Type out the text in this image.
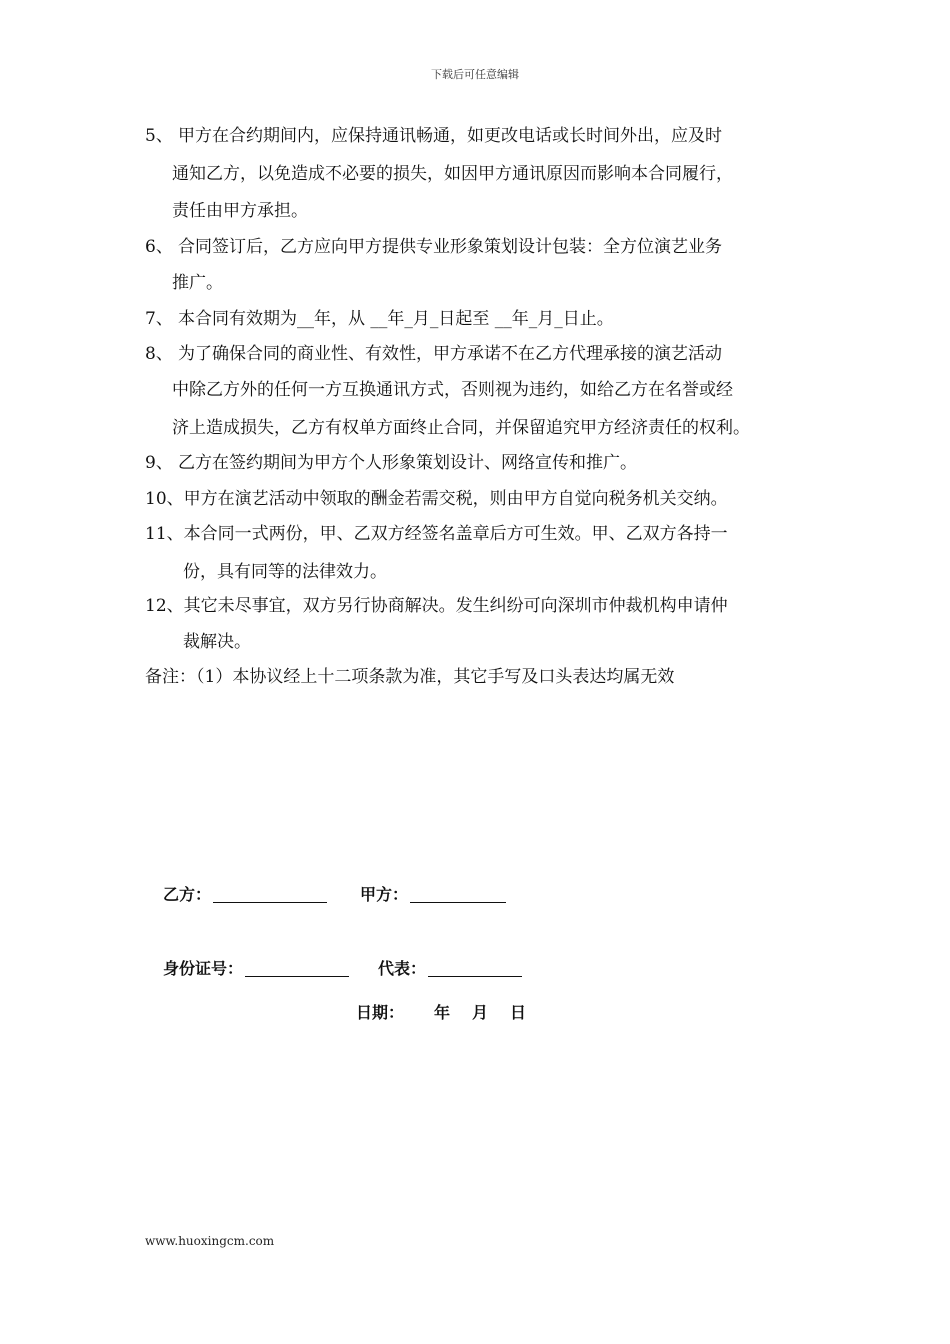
下载后可任意编辑
5、 甲方在合约期间内，应保持通讯畅通，如更改电话或长时间外出，应及时
通知乙方，以免造成不必要的损失，如因甲方通讯原因而影响本合同履行，
责任由甲方承担。
6、 合同签订后，乙方应向甲方提供专业形象策划设计包装：全方位演艺业务
推广。
7、 本合同有效期为__年，从 __年_月_日起至 __年_月_日止。
8、 为了确保合同的商业性、有效性，甲方承诺不在乙方代理承接的演艺活动
中除乙方外的任何一方互换通讯方式，否则视为违约，如给乙方在名誉或经
济上造成损失，乙方有权单方面终止合同，并保留追究甲方经济责任的权利。
9、 乙方在签约期间为甲方个人形象策划设计、网络宣传和推广。
10、甲方在演艺活动中领取的酬金若需交税，则由甲方自觉向税务机关交纳。
11、本合同一式两份，甲、乙双方经签名盖章后方可生效。甲、乙双方各持一
份，具有同等的法律效力。
12、其它未尽事宜，双方另行协商解决。发生纠纷可向深圳市仲裁机构申请仲
裁解决。
备注：（1）本协议经上十二项条款为准，其它手写及口头表达均属无效
乙方：	甲方：
身份证号：	代表：
日期： 年 月 日
www.huoxingcm.com
